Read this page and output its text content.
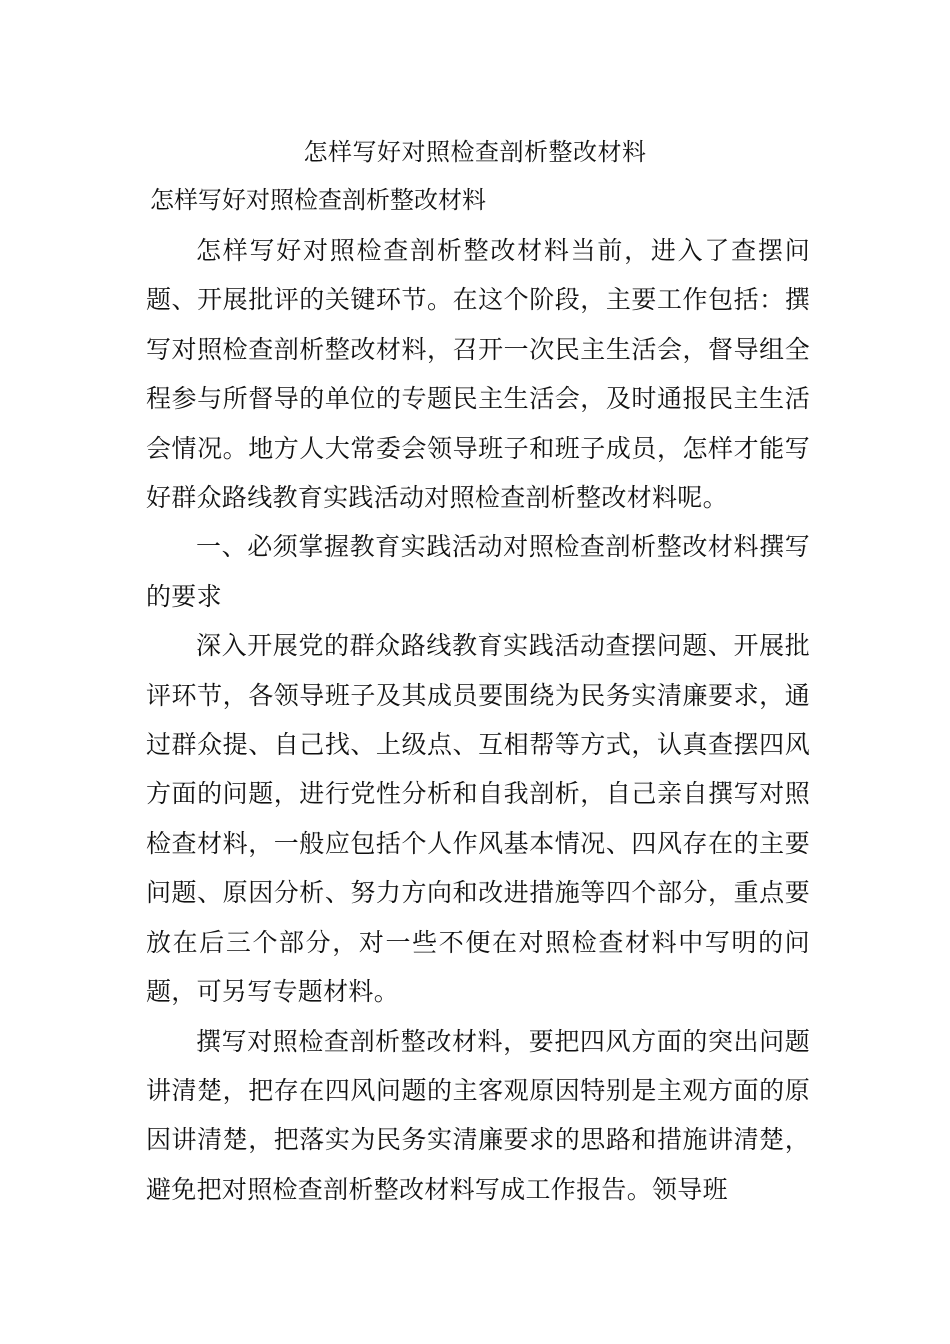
怎样写好对照检查剖析整改材料
怎样写好对照检查剖析整改材料

怎样写好对照检查剖析整改材料当前，进入了查摆问题、开展批评的关键环节。在这个阶段，主要工作包括：撰写对照检查剖析整改材料，召开一次民主生活会，督导组全程参与所督导的单位的专题民主生活会，及时通报民主生活会情况。地方人大常委会领导班子和班子成员，怎样才能写好群众路线教育实践活动对照检查剖析整改材料呢。

一、必须掌握教育实践活动对照检查剖析整改材料撰写的要求

深入开展党的群众路线教育实践活动查摆问题、开展批评环节，各领导班子及其成员要围绕为民务实清廉要求，通过群众提、自己找、上级点、互相帮等方式，认真查摆四风方面的问题，进行党性分析和自我剖析，自己亲自撰写对照检查材料，一般应包括个人作风基本情况、四风存在的主要问题、原因分析、努力方向和改进措施等四个部分，重点要放在后三个部分，对一些不便在对照检查材料中写明的问题，可另写专题材料。

撰写对照检查剖析整改材料，要把四风方面的突出问题讲清楚，把存在四风问题的主客观原因特别是主观方面的原因讲清楚，把落实为民务实清廉要求的思路和措施讲清楚，避免把对照检查剖析整改材料写成工作报告。领导班
